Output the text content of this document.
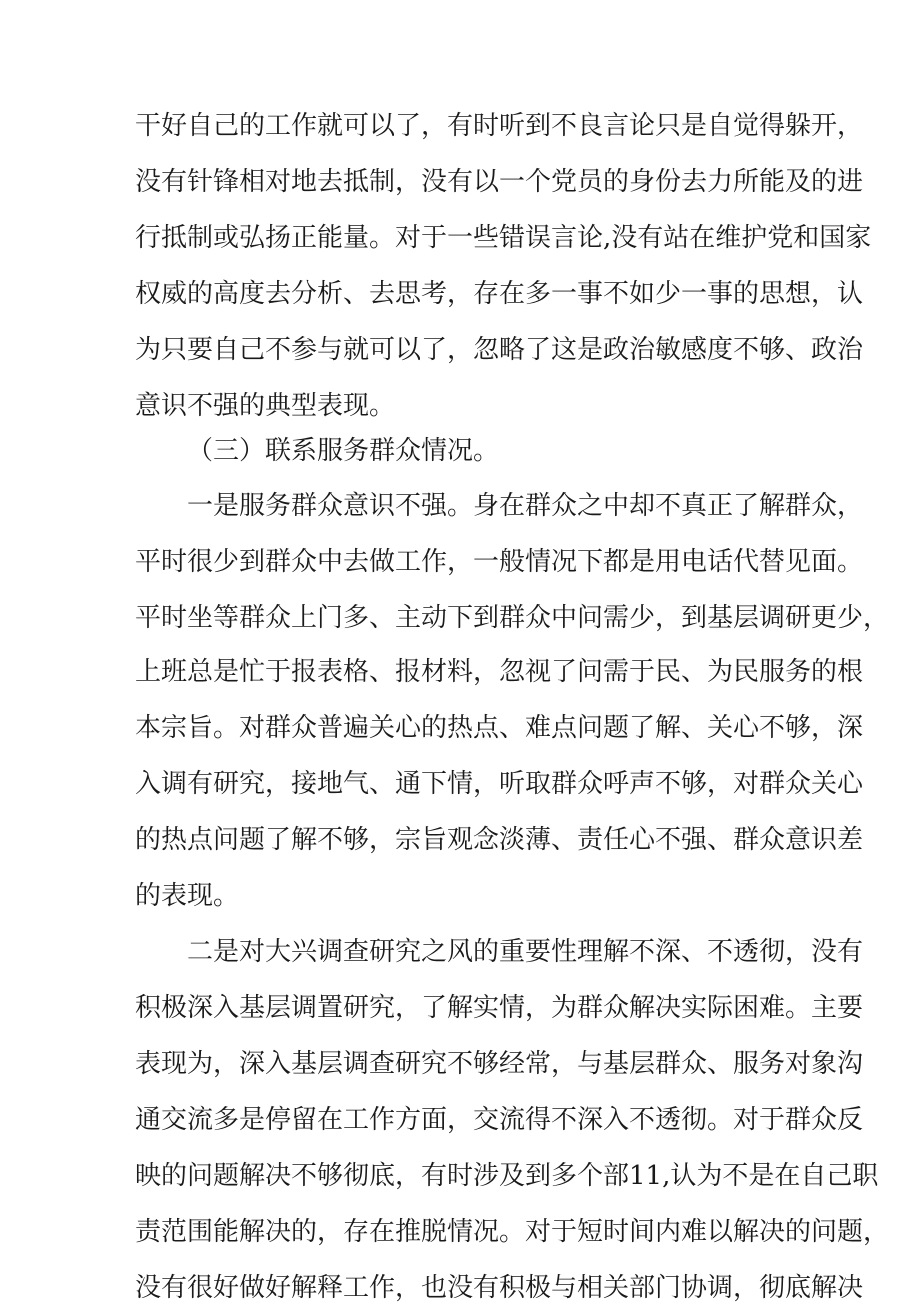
干好自己的工作就可以了，有时听到不良言论只是自觉得躲开，
没有针锋相对地去抵制，没有以一个党员的身份去力所能及的进
行抵制或弘扬正能量。对于一些错误言论,没有站在维护党和国家
权威的高度去分析、去思考，存在多一事不如少一事的思想，认
为只要自己不参与就可以了，忽略了这是政治敏感度不够、政治
意识不强的典型表现。
（三）联系服务群众情况。
一是服务群众意识不强。身在群众之中却不真正了解群众，
平时很少到群众中去做工作，一般情况下都是用电话代替见面。
平时坐等群众上门多、主动下到群众中问需少，到基层调研更少，
上班总是忙于报表格、报材料，忽视了问需于民、为民服务的根
本宗旨。对群众普遍关心的热点、难点问题了解、关心不够，深
入调有研究，接地气、通下情，听取群众呼声不够，对群众关心
的热点问题了解不够，宗旨观念淡薄、责任心不强、群众意识差
的表现。
二是对大兴调查研究之风的重要性理解不深、不透彻，没有
积极深入基层调置研究，了解实情，为群众解决实际困难。主要
表现为，深入基层调查研究不够经常，与基层群众、服务对象沟
通交流多是停留在工作方面，交流得不深入不透彻。对于群众反
映的问题解决不够彻底，有时涉及到多个部11,认为不是在自己职
责范围能解决的，存在推脱情况。对于短时间内难以解决的问题，
没有很好做好解释工作，也没有积极与相关部门协调，彻底解决
